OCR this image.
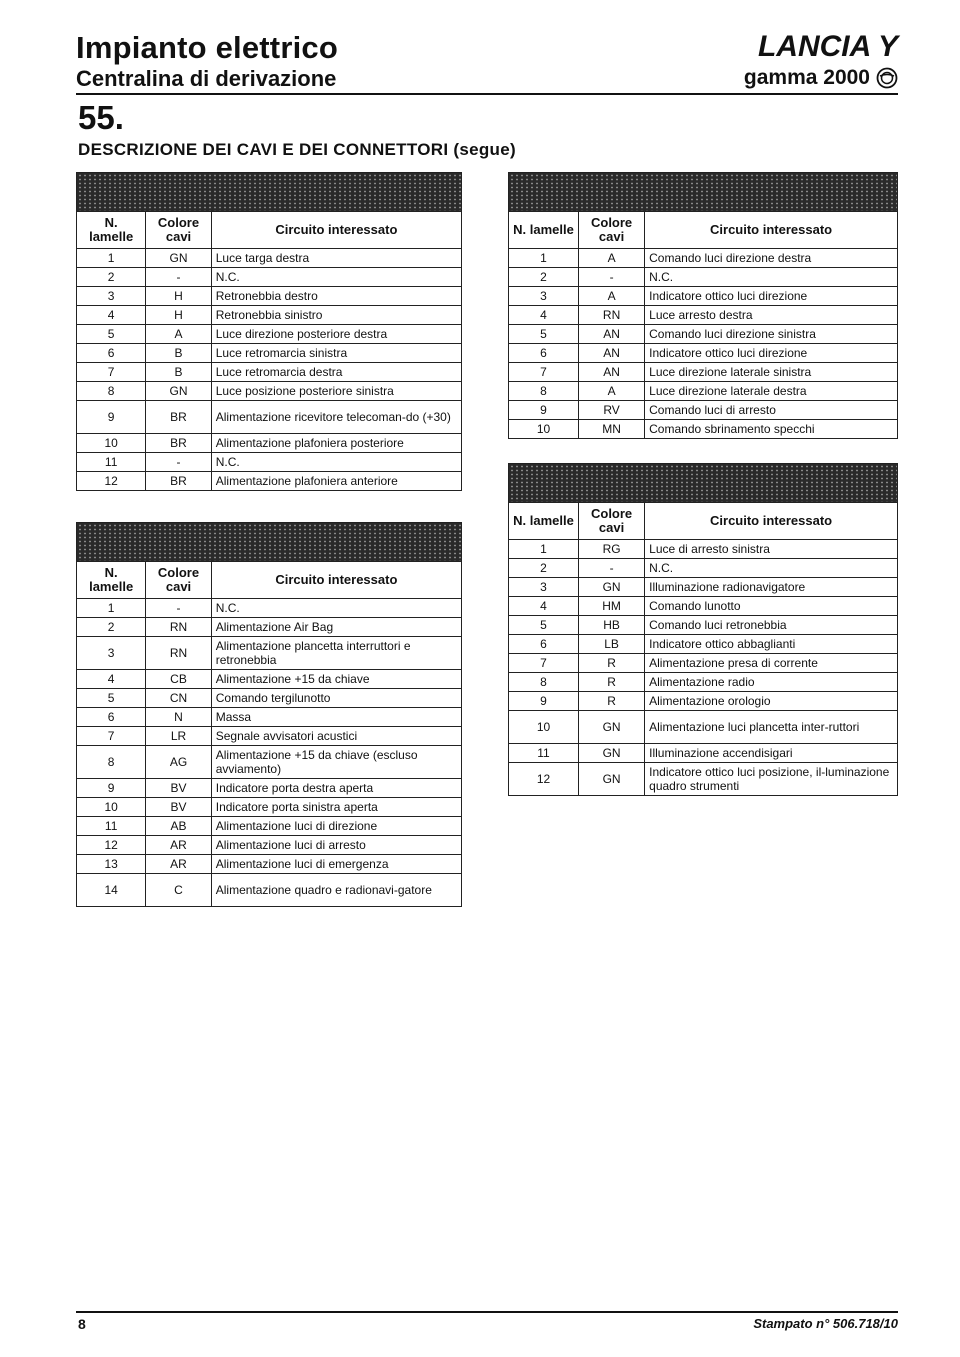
Impianto elettrico
Centralina di derivazione
LANCIA Y
gamma 2000
55.
DESCRIZIONE DEI CAVI E DEI CONNETTORI (segue)

N. lamelle	Colore cavi	Circuito interessato
1	GN	Luce targa destra
2	-	N.C.
3	H	Retronebbia destro
4	H	Retronebbia sinistro
5	A	Luce direzione posteriore destra
6	B	Luce retromarcia sinistra
7	B	Luce retromarcia destra
8	GN	Luce posizione posteriore sinistra
9	BR	Alimentazione ricevitore telecoman-do (+30)
10	BR	Alimentazione plafoniera posteriore
11	-	N.C.
12	BR	Alimentazione plafoniera anteriore

N. lamelle	Colore cavi	Circuito interessato
1	-	N.C.
2	RN	Alimentazione Air Bag
3	RN	Alimentazione plancetta interruttori e retronebbia
4	CB	Alimentazione +15 da chiave
5	CN	Comando tergilunotto
6	N	Massa
7	LR	Segnale avvisatori acustici
8	AG	Alimentazione +15 da chiave (escluso avviamento)
9	BV	Indicatore porta destra aperta
10	BV	Indicatore porta sinistra aperta
11	AB	Alimentazione luci di direzione
12	AR	Alimentazione luci di arresto
13	AR	Alimentazione luci di emergenza
14	C	Alimentazione quadro e radionavi-gatore

N. lamelle	Colore cavi	Circuito interessato
1	A	Comando luci direzione destra
2	-	N.C.
3	A	Indicatore ottico luci direzione
4	RN	Luce arresto destra
5	AN	Comando luci direzione sinistra
6	AN	Indicatore ottico luci direzione
7	AN	Luce direzione laterale sinistra
8	A	Luce direzione laterale destra
9	RV	Comando luci di arresto
10	MN	Comando sbrinamento specchi

N. lamelle	Colore cavi	Circuito interessato
1	RG	Luce di arresto sinistra
2	-	N.C.
3	GN	Illuminazione radionavigatore
4	HM	Comando lunotto
5	HB	Comando luci retronebbia
6	LB	Indicatore ottico abbaglianti
7	R	Alimentazione presa di corrente
8	R	Alimentazione radio
9	R	Alimentazione orologio
10	GN	Alimentazione luci plancetta inter-ruttori
11	GN	Illuminazione accendisigari
12	GN	Indicatore ottico luci posizione, il-luminazione quadro strumenti
8	Stampato n° 506.718/10
